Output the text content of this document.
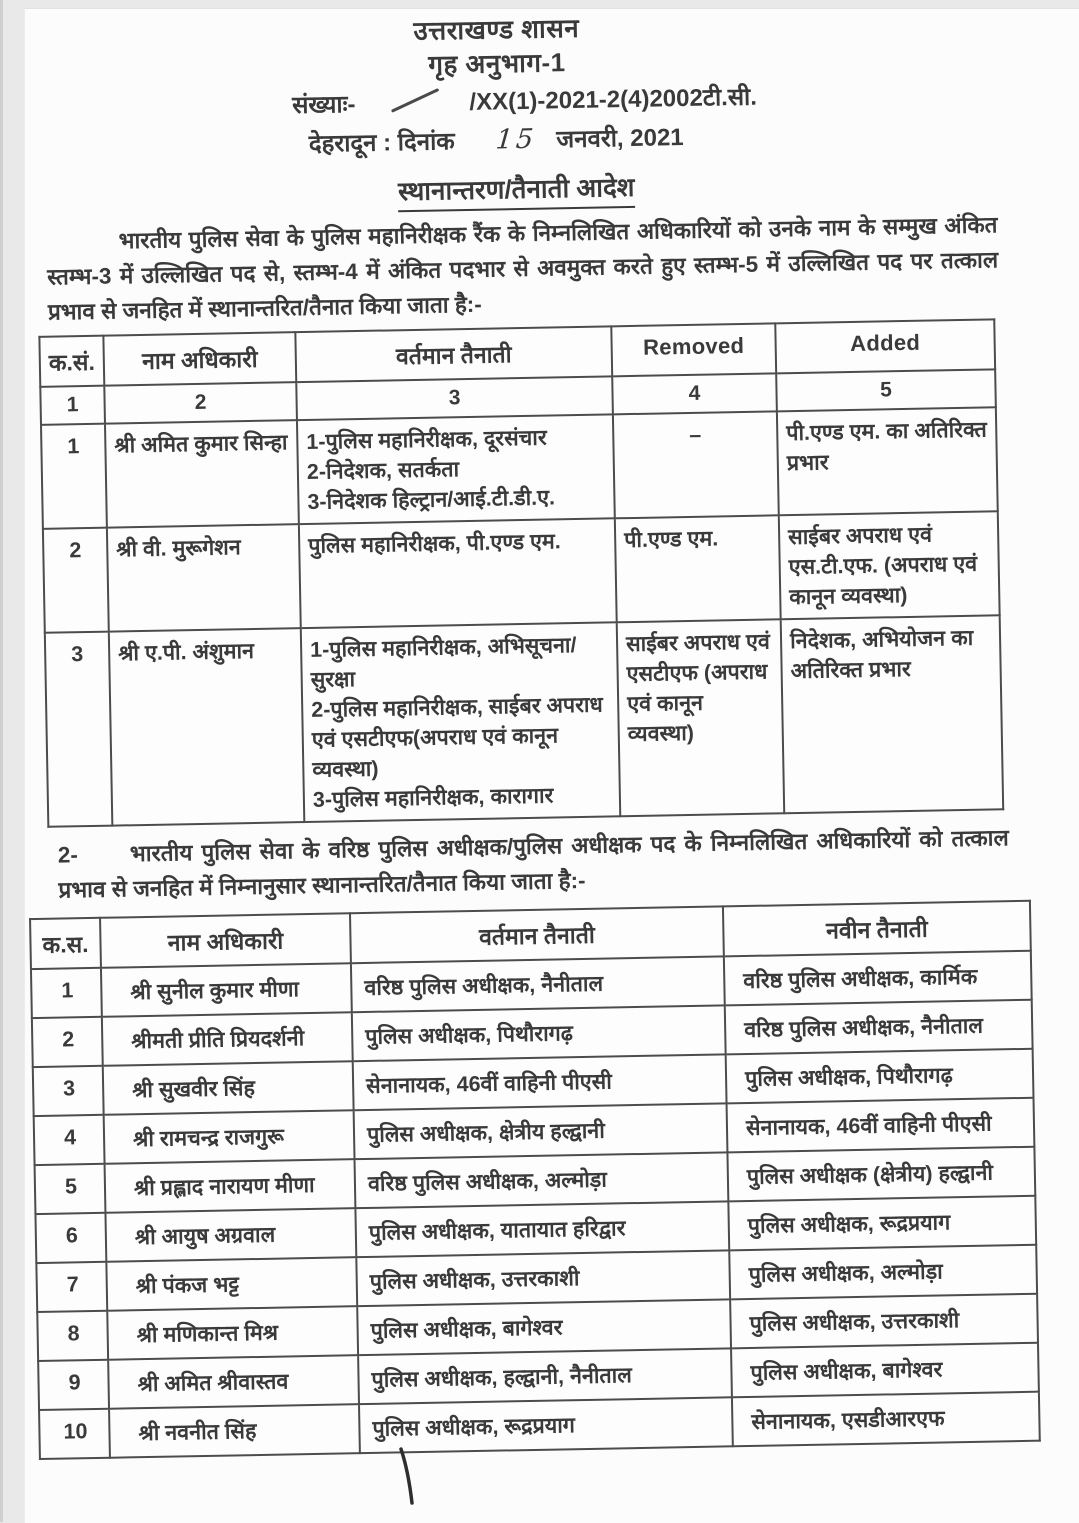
उत्तराखण्ड शासन
गृह अनुभाग-1
संख्याः-	/XX(1)-2021-2(4)2002टी.सी.
देहरादून : दिनांक 15 जनवरी, 2021
स्थानान्तरण/तैनाती आदेश
भारतीय पुलिस सेवा के पुलिस महानिरीक्षक रैंक के निम्नलिखित अधिकारियों को उनके नाम के सम्मुख अंकित स्तम्भ-3 में उल्लिखित पद से, स्तम्भ-4 में अंकित पदभार से अवमुक्त करते हुए स्तम्भ-5 में उल्लिखित पद पर तत्काल प्रभाव से जनहित में स्थानान्तरित/तैनात किया जाता है:-
क.सं.	नाम अधिकारी	वर्तमान तैनाती	Removed	Added
1	2	3	4	5
1	श्री अमित कुमार सिन्हा	1-पुलिस महानिरीक्षक, दूरसंचार
2-निदेशक, सतर्कता
3-निदेशक हिल्ट्रान/आई.टी.डी.ए.	–	पी.एण्ड एम. का अतिरिक्त प्रभार
2	श्री वी. मुरूगेशन	पुलिस महानिरीक्षक, पी.एण्ड एम.	पी.एण्ड एम.	साईबर अपराध एवं एस.टी.एफ. (अपराध एवं कानून व्यवस्था)
3	श्री ए.पी. अंशुमान	1-पुलिस महानिरीक्षक, अभिसूचना/सुरक्षा
2-पुलिस महानिरीक्षक, साईबर अपराध एवं एसटीएफ(अपराध एवं कानून व्यवस्था)
3-पुलिस महानिरीक्षक, कारागार	साईबर अपराध एवं एसटीएफ (अपराध एवं कानून व्यवस्था)	निदेशक, अभियोजन का अतिरिक्त प्रभार
2- भारतीय पुलिस सेवा के वरिष्ठ पुलिस अधीक्षक/पुलिस अधीक्षक पद के निम्नलिखित अधिकारियों को तत्काल प्रभाव से जनहित में निम्नानुसार स्थानान्तरित/तैनात किया जाता है:-
क.स.	नाम अधिकारी	वर्तमान तैनाती	नवीन तैनाती
1	श्री सुनील कुमार मीणा	वरिष्ठ पुलिस अधीक्षक, नैनीताल	वरिष्ठ पुलिस अधीक्षक, कार्मिक
2	श्रीमती प्रीति प्रियदर्शनी	पुलिस अधीक्षक, पिथौरागढ़	वरिष्ठ पुलिस अधीक्षक, नैनीताल
3	श्री सुखवीर सिंह	सेनानायक, 46वीं वाहिनी पीएसी	पुलिस अधीक्षक, पिथौरागढ़
4	श्री रामचन्द्र राजगुरू	पुलिस अधीक्षक, क्षेत्रीय हल्द्वानी	सेनानायक, 46वीं वाहिनी पीएसी
5	श्री प्रह्लाद नारायण मीणा	वरिष्ठ पुलिस अधीक्षक, अल्मोड़ा	पुलिस अधीक्षक (क्षेत्रीय) हल्द्वानी
6	श्री आयुष अग्रवाल	पुलिस अधीक्षक, यातायात हरिद्वार	पुलिस अधीक्षक, रूद्रप्रयाग
7	श्री पंकज भट्ट	पुलिस अधीक्षक, उत्तरकाशी	पुलिस अधीक्षक, अल्मोड़ा
8	श्री मणिकान्त मिश्र	पुलिस अधीक्षक, बागेश्वर	पुलिस अधीक्षक, उत्तरकाशी
9	श्री अमित श्रीवास्तव	पुलिस अधीक्षक, हल्द्वानी, नैनीताल	पुलिस अधीक्षक, बागेश्वर
10	श्री नवनीत सिंह	पुलिस अधीक्षक, रूद्रप्रयाग	सेनानायक, एसडीआरएफ
